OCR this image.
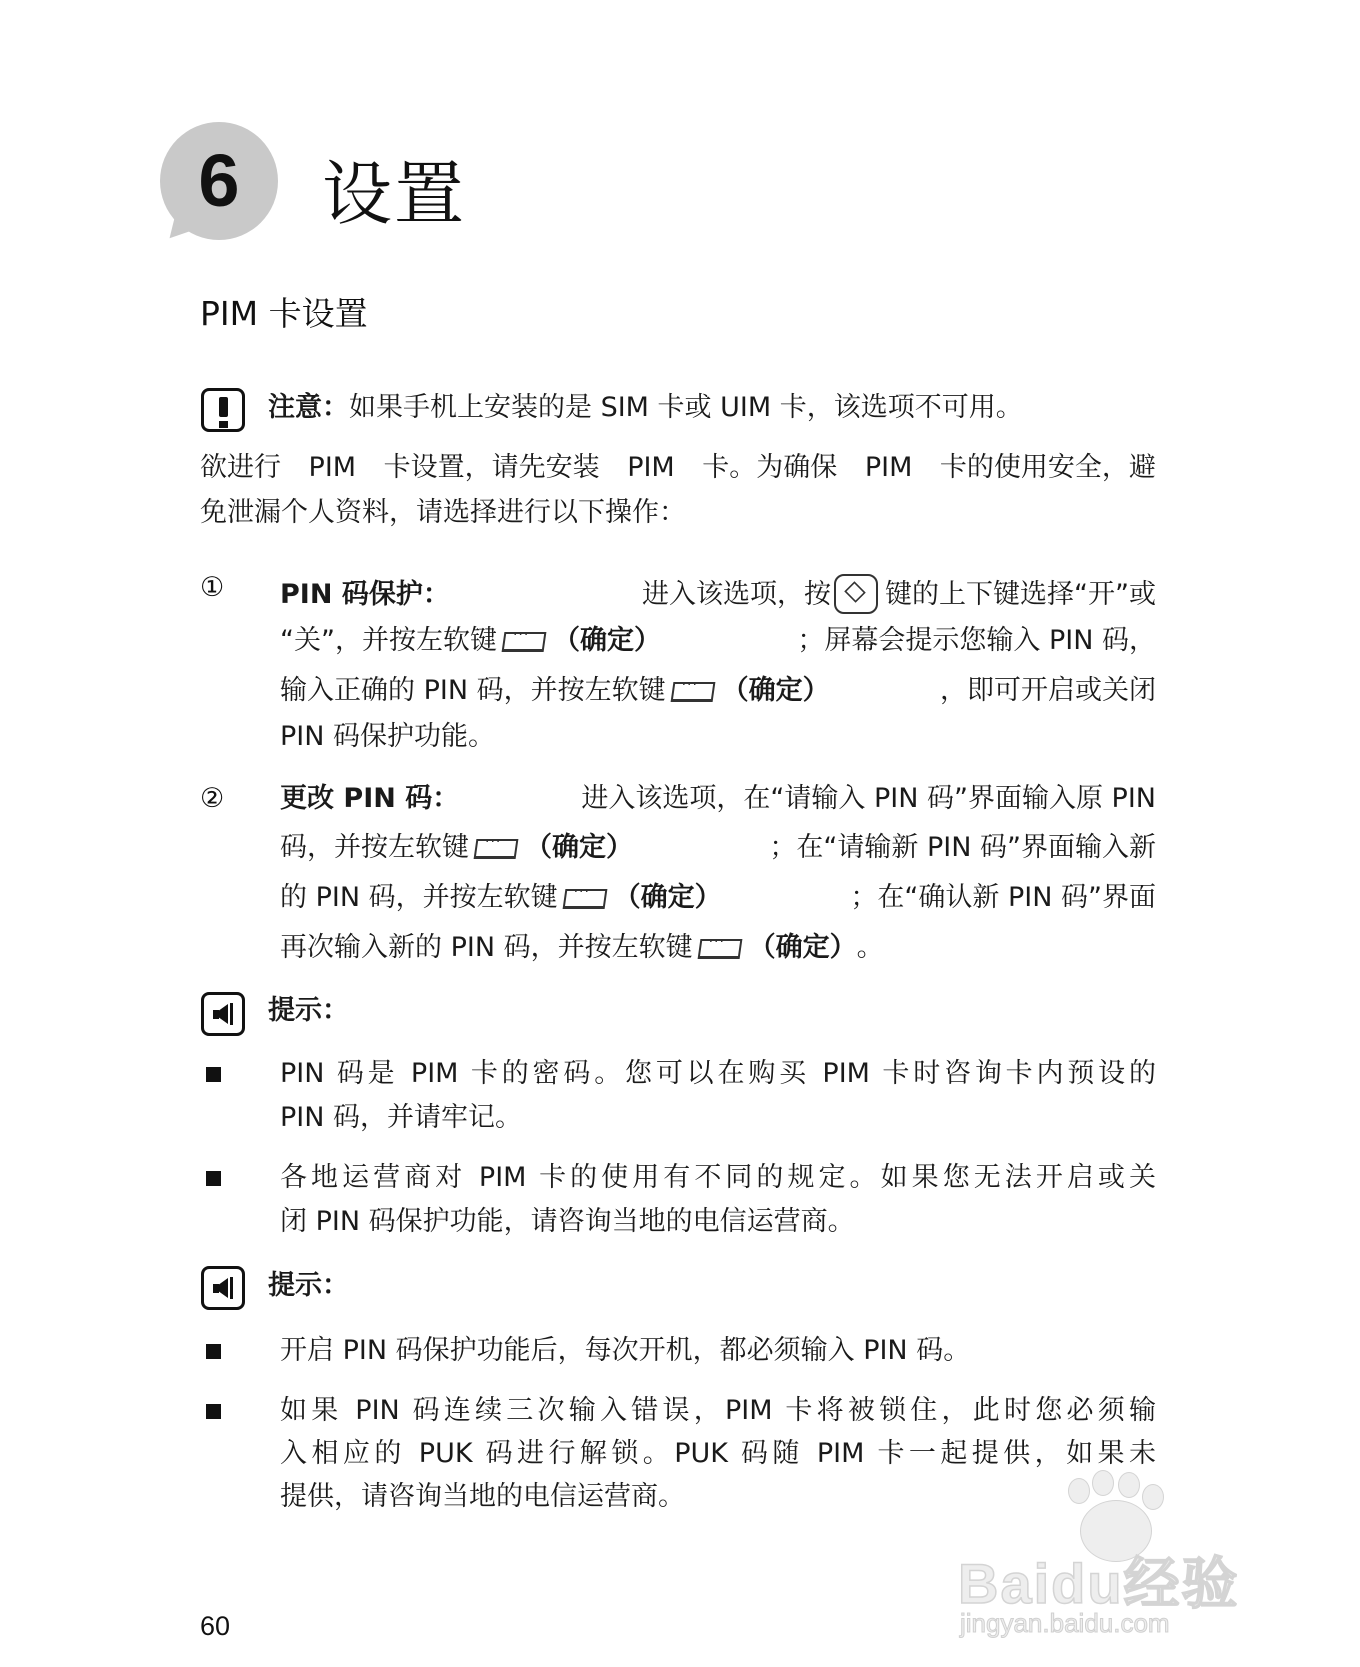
6	设置
PIM 卡设置
注意：如果手机上安装的是 SIM 卡或 UIM 卡，该选项不可用。
欲进行 PIM 卡设置，请先安装 PIM 卡。为确保 PIM 卡的使用安全，避
免泄漏个人资料，请选择进行以下操作：
① PIN 码保护：	进入该选项，按 键的上下键选择“开”或
“关”，并按左软键 ··· （确定）	；屏幕会提示您输入 PIN 码，
输入正确的 PIN 码，并按左软键 ··· （确定）	，即可开启或关闭
PIN 码保护功能。
② 更改 PIN 码：	进入该选项，在“请输入 PIN 码”界面输入原 PIN
码，并按左软键 ··· （确定）	；在“请输新 PIN 码”界面输入新
的 PIN 码，并按左软键 ··· （确定）	；在“确认新 PIN 码”界面
再次输入新的 PIN 码，并按左软键 ··· （确定） 。
提示：
PIN 码是 PIM 卡的密码。您可以在购买 PIM 卡时咨询卡内预设的
PIN 码，并请牢记。
各地运营商对 PIM 卡的使用有不同的规定。如果您无法开启或关
闭 PIN 码保护功能，请咨询当地的电信运营商。
提示：
开启 PIN 码保护功能后，每次开机，都必须输入 PIN 码。
如果 PIN 码连续三次输入错误，PIM 卡将被锁住，此时您必须输
入相应的 PUK 码进行解锁。PUK 码随 PIM 卡一起提供，如果未
提供，请咨询当地的电信运营商。
60
Baidu经验
jingyan.baidu.com
